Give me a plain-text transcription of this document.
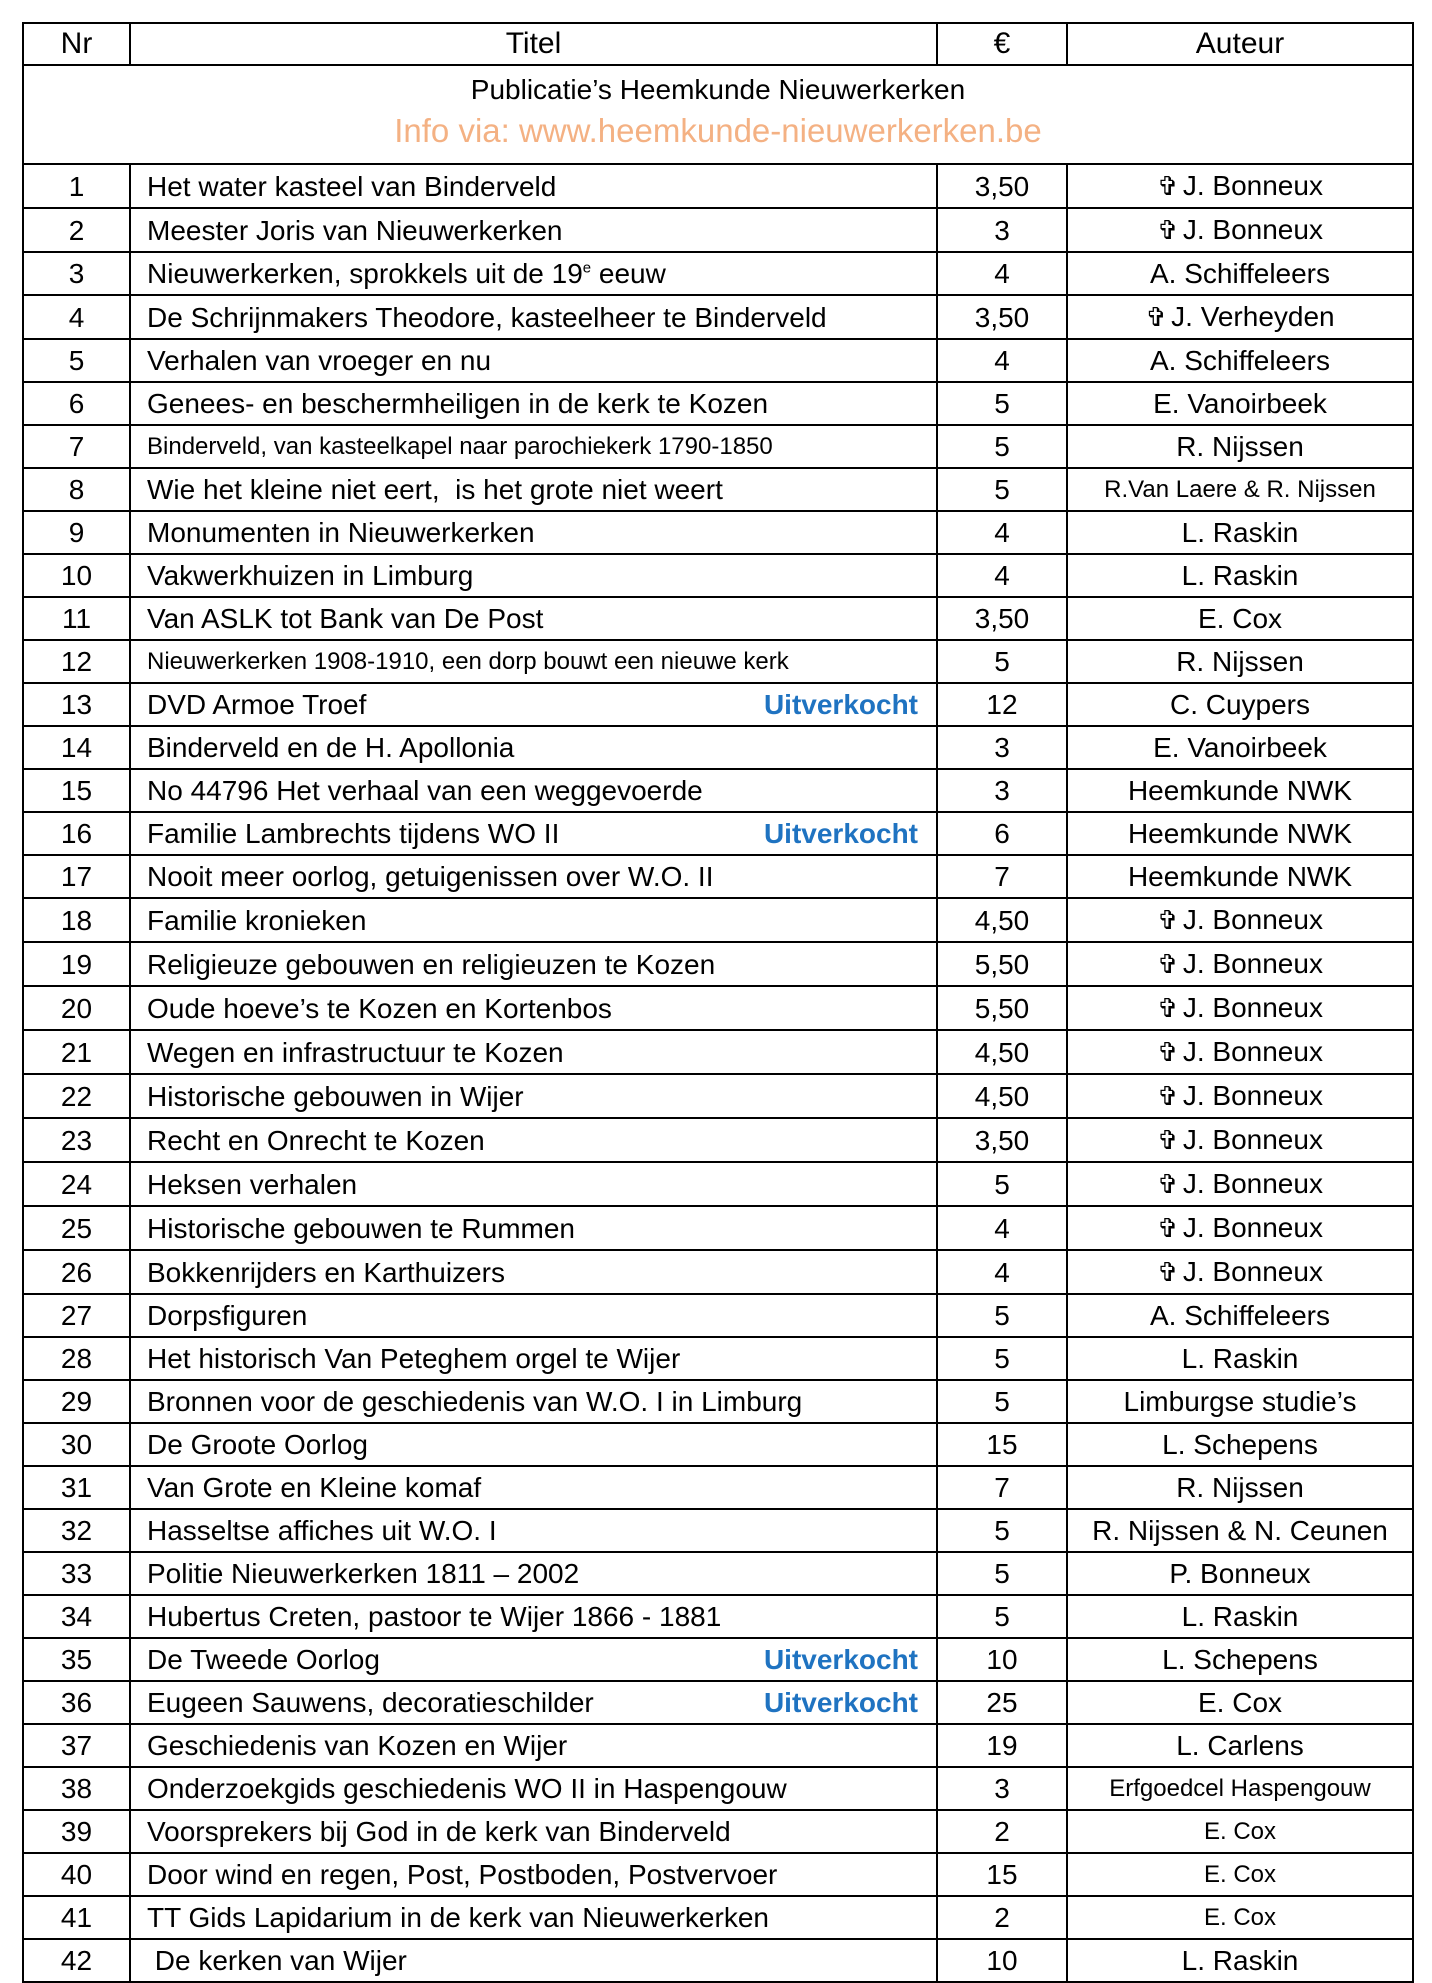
Publicatie’s Heemkunde Nieuwerkerken
Info via: www.heemkunde-nieuwerkerken.be			

Nr	Titel	€	Auteur
1	Het water kasteel van Binderveld	3,50	✞ J. Bonneux
2	Meester Joris van Nieuwerkerken	3	✞ J. Bonneux
3	Nieuwerkerken, sprokkels uit de 19e eeuw	4	A. Schiffeleers
4	De Schrijnmakers Theodore, kasteelheer te Binderveld	3,50	✞ J. Verheyden
5	Verhalen van vroeger en nu	4	A. Schiffeleers
6	Genees- en beschermheiligen in de kerk te Kozen	5	E. Vanoirbeek
7	Binderveld, van kasteelkapel naar parochiekerk 1790-1850	5	R. Nijssen
8	Wie het kleine niet eert,  is het grote niet weert	5	R.Van Laere & R. Nijssen
9	Monumenten in Nieuwerkerken	4	L. Raskin
10	Vakwerkhuizen in Limburg	4	L. Raskin
11	Van ASLK tot Bank van De Post	3,50	E. Cox
12	Nieuwerkerken 1908-1910, een dorp bouwt een nieuwe kerk	5	R. Nijssen
13	DVD Armoe Troef Uitverkocht	12	C. Cuypers
14	Binderveld en de H. Apollonia	3	E. Vanoirbeek
15	No 44796 Het verhaal van een weggevoerde	3	Heemkunde NWK
16	Familie Lambrechts tijdens WO II Uitverkocht	6	Heemkunde NWK
17	Nooit meer oorlog, getuigenissen over W.O. II	7	Heemkunde NWK
18	Familie kronieken	4,50	✞ J. Bonneux
19	Religieuze gebouwen en religieuzen te Kozen	5,50	✞ J. Bonneux
20	Oude hoeve’s te Kozen en Kortenbos	5,50	✞ J. Bonneux
21	Wegen en infrastructuur te Kozen	4,50	✞ J. Bonneux
22	Historische gebouwen in Wijer	4,50	✞ J. Bonneux
23	Recht en Onrecht te Kozen	3,50	✞ J. Bonneux
24	Heksen verhalen	5	✞ J. Bonneux
25	Historische gebouwen te Rummen	4	✞ J. Bonneux
26	Bokkenrijders en Karthuizers	4	✞ J. Bonneux
27	Dorpsfiguren	5	A. Schiffeleers
28	Het historisch Van Peteghem orgel te Wijer	5	L. Raskin
29	Bronnen voor de geschiedenis van W.O. I in Limburg	5	Limburgse studie’s
30	De Groote Oorlog	15	L. Schepens
31	Van Grote en Kleine komaf	7	R. Nijssen
32	Hasseltse affiches uit W.O. I	5	R. Nijssen & N. Ceunen
33	Politie Nieuwerkerken 1811 – 2002	5	P. Bonneux
34	Hubertus Creten, pastoor te Wijer 1866 - 1881	5	L. Raskin
35	De Tweede Oorlog Uitverkocht	10	L. Schepens
36	Eugeen Sauwens, decoratieschilder Uitverkocht	25	E. Cox
37	Geschiedenis van Kozen en Wijer	19	L. Carlens
38	Onderzoekgids geschiedenis WO II in Haspengouw	3	Erfgoedcel Haspengouw
39	Voorsprekers bij God in de kerk van Binderveld	2	E. Cox
40	Door wind en regen, Post, Postboden, Postvervoer	15	E. Cox
41	TT Gids Lapidarium in de kerk van Nieuwerkerken	2	E. Cox
42	De kerken van Wijer	10	L. Raskin
